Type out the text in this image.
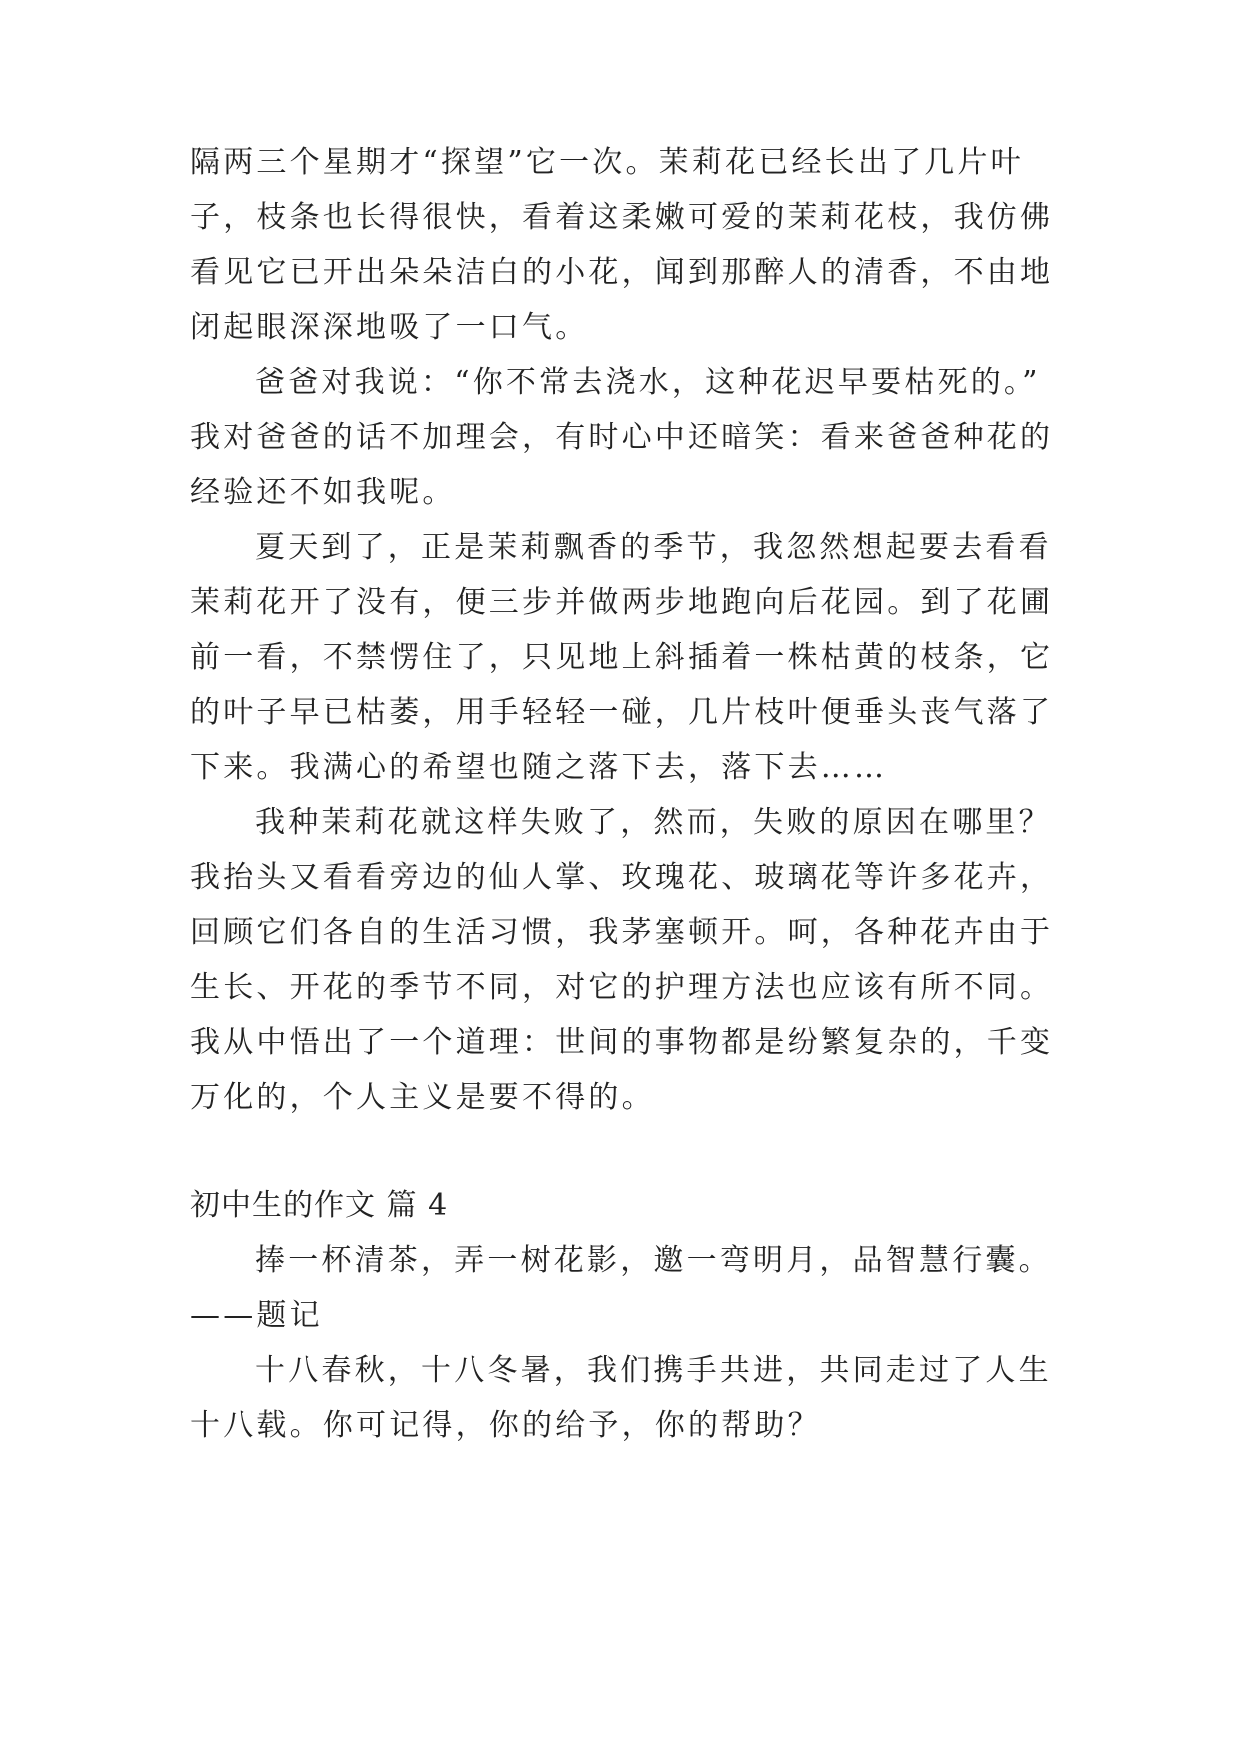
隔两三个星期才“探望”它一次。茉莉花已经长出了几片叶
子，枝条也长得很快，看着这柔嫩可爱的茉莉花枝，我仿佛
看见它已开出朵朵洁白的小花，闻到那醉人的清香，不由地
闭起眼深深地吸了一口气。
爸爸对我说：“你不常去浇水，这种花迟早要枯死的。”
我对爸爸的话不加理会，有时心中还暗笑：看来爸爸种花的
经验还不如我呢。
夏天到了，正是茉莉飘香的季节，我忽然想起要去看看
茉莉花开了没有，便三步并做两步地跑向后花园。到了花圃
前一看，不禁愣住了，只见地上斜插着一株枯黄的枝条，它
的叶子早已枯萎，用手轻轻一碰，几片枝叶便垂头丧气落了
下来。我满心的希望也随之落下去，落下去……
我种茉莉花就这样失败了，然而，失败的原因在哪里？
我抬头又看看旁边的仙人掌、玫瑰花、玻璃花等许多花卉，
回顾它们各自的生活习惯，我茅塞顿开。呵，各种花卉由于
生长、开花的季节不同，对它的护理方法也应该有所不同。
我从中悟出了一个道理：世间的事物都是纷繁复杂的，千变
万化的，个人主义是要不得的。
初中生的作文 篇 4
捧一杯清茶，弄一树花影，邀一弯明月，品智慧行囊。
——题记
十八春秋，十八冬暑，我们携手共进，共同走过了人生
十八载。你可记得，你的给予，你的帮助？
